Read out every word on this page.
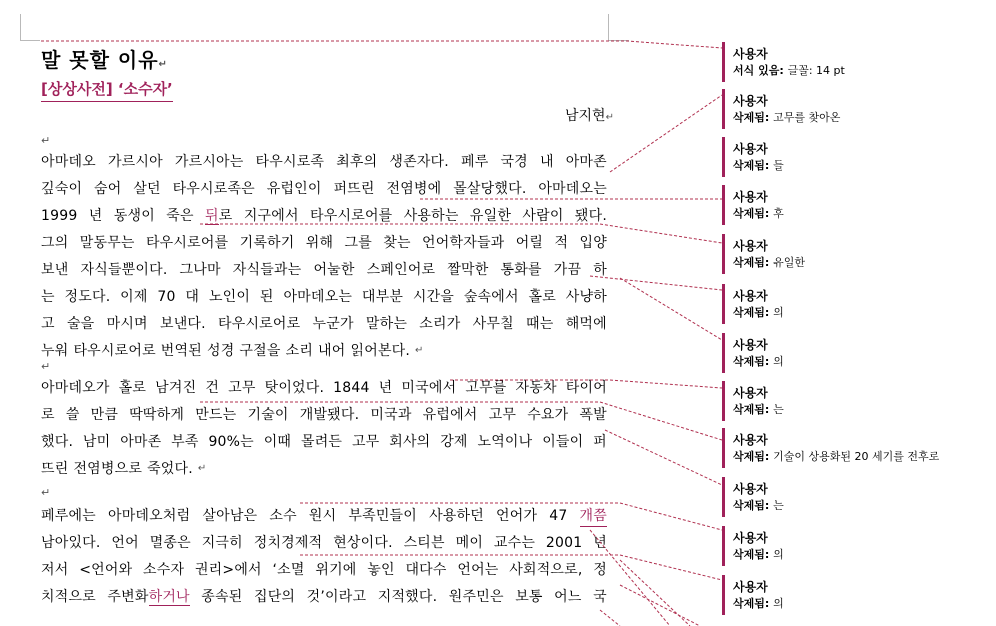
말 못할 이유↵
[상상사전] ‘소수자’
남지현↵
↵
↵
↵
아마데오 가르시아 가르시아는 타우시로족 최후의 생존자다. 페루 국경 내 아마존
깊숙이 숨어 살던 타우시로족은 유럽인이 퍼뜨린 전염병에 몰살당했다. 아마데오는
1999 년 동생이 죽은 뒤로 지구에서 타우시로어를 사용하는 유일한 사람이 됐다.
그의 말동무는 타우시로어를 기록하기 위해 그를 찾는 언어학자들과 어릴 적 입양
보낸 자식들뿐이다. 그나마 자식들과는 어눌한 스페인어로 짤막한 통화를 가끔 하
는 정도다. 이제 70 대 노인이 된 아마데오는 대부분 시간을 숲속에서 홀로 사냥하
고 술을 마시며 보낸다. 타우시로어로 누군가 말하는 소리가 사무칠 때는 해먹에
누워 타우시로어로 번역된 성경 구절을 소리 내어 읽어본다. ↵
아마데오가 홀로 남겨진 건 고무 탓이었다. 1844 년 미국에서 고무를 자동차 타이어
로 쓸 만큼 딱딱하게 만드는 기술이 개발됐다. 미국과 유럽에서 고무 수요가 폭발
했다. 남미 아마존 부족 90%는 이때 몰려든 고무 회사의 강제 노역이나 이들이 퍼
뜨린 전염병으로 죽었다. ↵
페루에는 아마데오처럼 살아남은 소수 원시 부족민들이 사용하던 언어가 47 개쯤
남아있다. 언어 멸종은 지극히 정치경제적 현상이다. 스티븐 메이 교수는 2001 년
저서 <언어와 소수자 권리>에서 ‘소멸 위기에 놓인 대다수 언어는 사회적으로, 정
치적으로 주변화하거나 종속된 집단의 것’이라고 지적했다. 원주민은 보통 어느 국
사용자
서식 있음: 글꼴: 14 pt
사용자
삭제됨: 고무를 찾아온
사용자
삭제됨: 들
사용자
삭제됨: 후
사용자
삭제됨: 유일한
사용자
삭제됨: 의
사용자
삭제됨: 의
사용자
삭제됨: 는
사용자
삭제됨: 기술이 상용화된 20 세기를 전후로
사용자
삭제됨: 는
사용자
삭제됨: 의
사용자
삭제됨: 의
